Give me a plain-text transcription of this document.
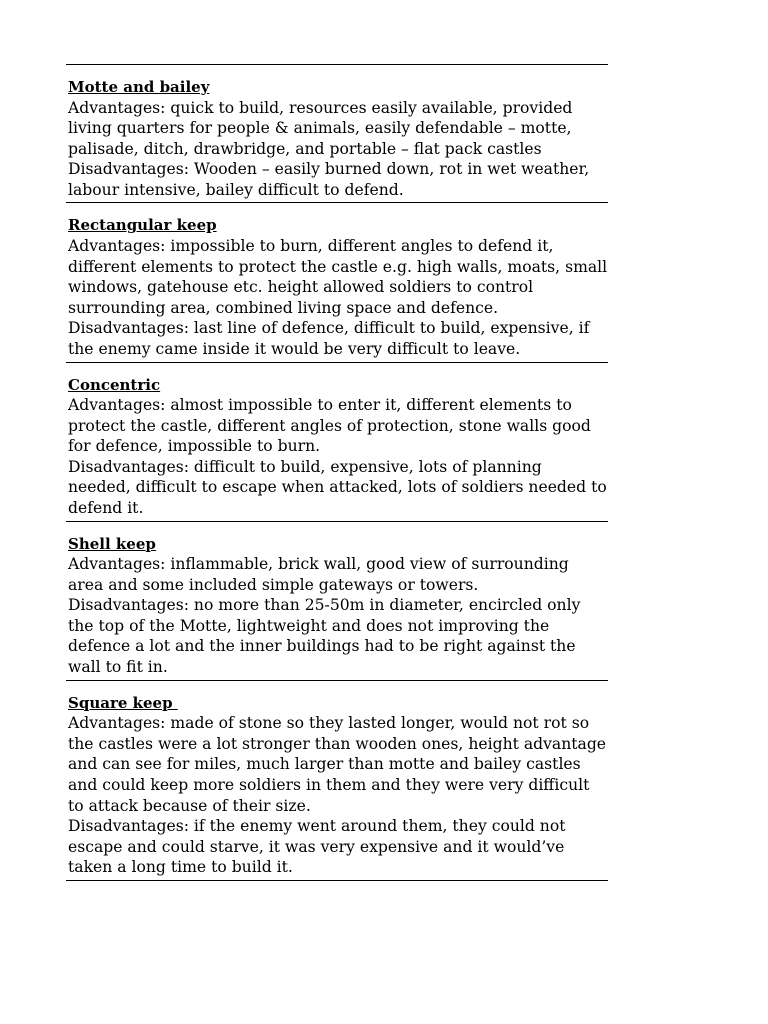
Motte and bailey
Advantages: quick to build, resources easily available, provided
living quarters for people & animals, easily defendable – motte,
palisade, ditch, drawbridge, and portable – flat pack castles
Disadvantages: Wooden – easily burned down, rot in wet weather,
labour intensive, bailey difficult to defend.
Rectangular keep
Advantages: impossible to burn, different angles to defend it,
different elements to protect the castle e.g. high walls, moats, small
windows, gatehouse etc. height allowed soldiers to control
surrounding area, combined living space and defence.
Disadvantages: last line of defence, difficult to build, expensive, if
the enemy came inside it would be very difficult to leave.
Concentric
Advantages: almost impossible to enter it, different elements to
protect the castle, different angles of protection, stone walls good
for defence, impossible to burn.
Disadvantages: difficult to build, expensive, lots of planning
needed, difficult to escape when attacked, lots of soldiers needed to
defend it.
Shell keep
Advantages: inflammable, brick wall, good view of surrounding
area and some included simple gateways or towers.
Disadvantages: no more than 25-50m in diameter, encircled only
the top of the Motte, lightweight and does not improving the
defence a lot and the inner buildings had to be right against the
wall to fit in.
Square keep
Advantages: made of stone so they lasted longer, would not rot so
the castles were a lot stronger than wooden ones, height advantage
and can see for miles, much larger than motte and bailey castles
and could keep more soldiers in them and they were very difficult
to attack because of their size.
Disadvantages: if the enemy went around them, they could not
escape and could starve, it was very expensive and it would’ve
taken a long time to build it.
